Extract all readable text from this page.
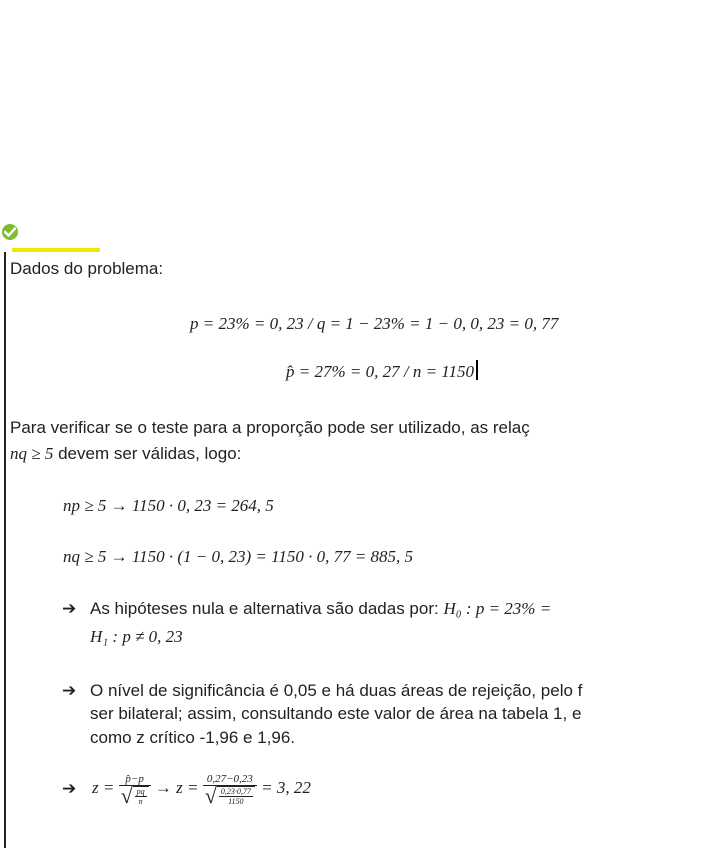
Dados do problema:
p = 23% = 0, 23 / q = 1 − 23% = 1 − 0, 0, 23 = 0, 77
p̂ = 27% = 0, 27 / n = 1150
Para verificar se o teste para a proporção pode ser utilizado, as relaç
nq ≥ 5 devem ser válidas, logo:
np ≥ 5 → 1150 · 0, 23 = 264, 5
nq ≥ 5 → 1150 · (1 − 0, 23) = 1150 · 0, 77 = 885, 5
➔ As hipóteses nula e alternativa são dadas por: H₀ : p = 23% =
H₁ : p ≠ 0, 23
➔ O nível de significância é 0,05 e há duas áreas de rejeição, pelo f
ser bilateral; assim, consultando este valor de área na tabela 1, e
como z crítico -1,96 e 1,96.
➔ $z = \frac{p̂-p}{√ \frac{pq}{n}} \to z = \frac{0,27-0,23}{√ \frac{0,23\cdot 0,77}{1150}} = 3$, 22
